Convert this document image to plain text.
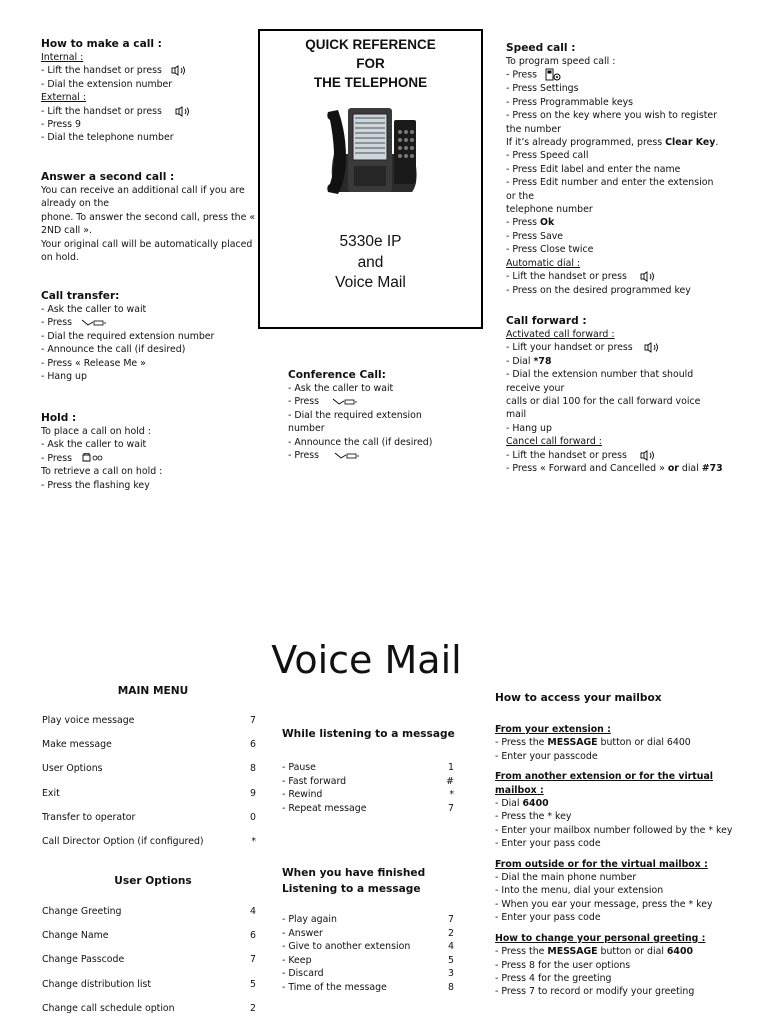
How to make a call :
Internal :
- Lift the handset or press
- Dial the extension number
External :
- Lift the handset or press
- Press 9
- Dial the telephone number
Answer a second call :
You can receive an additional call if you are
already on the
phone. To answer the second call, press the «
2ND call ».
Your original call will be automatically placed
on hold.
Call transfer:
- Ask the caller to wait
- Press
- Dial the required extension number
- Announce the call (if desired)
- Press « Release Me »
- Hang up
Hold :
To place a call on hold :
- Ask the caller to wait
- Press
To retrieve a call on hold :
- Press the flashing key
QUICK REFERENCE
FOR
THE TELEPHONE
5330e IP
and
Voice Mail
Conference Call:
- Ask the caller to wait
- Press
- Dial the required extension
number
- Announce the call (if desired)
- Press
Speed call :
To program speed call :
- Press
- Press Settings
- Press Programmable keys
- Press on the key where you wish to register
the number
If it’s already programmed, press Clear Key.
- Press Speed call
- Press Edit label and enter the name
- Press Edit number and enter the extension
or the
telephone number
- Press Ok
- Press Save
- Press Close twice
Automatic dial :
- Lift the handset or press
- Press on the desired programmed key
Call forward :
Activated call forward :
- Lift your handset or press
- Dial *78
- Dial the extension number that should
receive your
calls or dial 100 for the call forward voice
mail
- Hang up
Cancel call forward :
- Lift the handset or press
- Press « Forward and Cancelled » or dial #73
Voice Mail
MAIN MENU
Play voice message	7
Make message	6
User Options	8
Exit	9
Transfer to operator	0
Call Director Option (if configured)	*
User Options
Change Greeting	4
Change Name	6
Change Passcode	7
Change distribution list	5
Change call schedule option	2
While listening to a message
- Pause	1
- Fast forward	#
- Rewind	*
- Repeat message	7
When you have finished
Listening to a message
- Play again	7
- Answer	2
- Give to another extension	4
- Keep	5
- Discard	3
- Time of the message	8
How to access your mailbox
From your extension :
- Press the MESSAGE button or dial 6400
- Enter your passcode
From another extension or for the virtual
mailbox :
- Dial 6400
- Press the * key
- Enter your mailbox number followed by the * key
- Enter your pass code
From outside or for the virtual mailbox :
- Dial the main phone number
- Into the menu, dial your extension
- When you ear your message, press the * key
- Enter your pass code
How to change your personal greeting :
- Press the MESSAGE button or dial 6400
- Press 8 for the user options
- Press 4 for the greeting
- Press 7 to record or modify your greeting
